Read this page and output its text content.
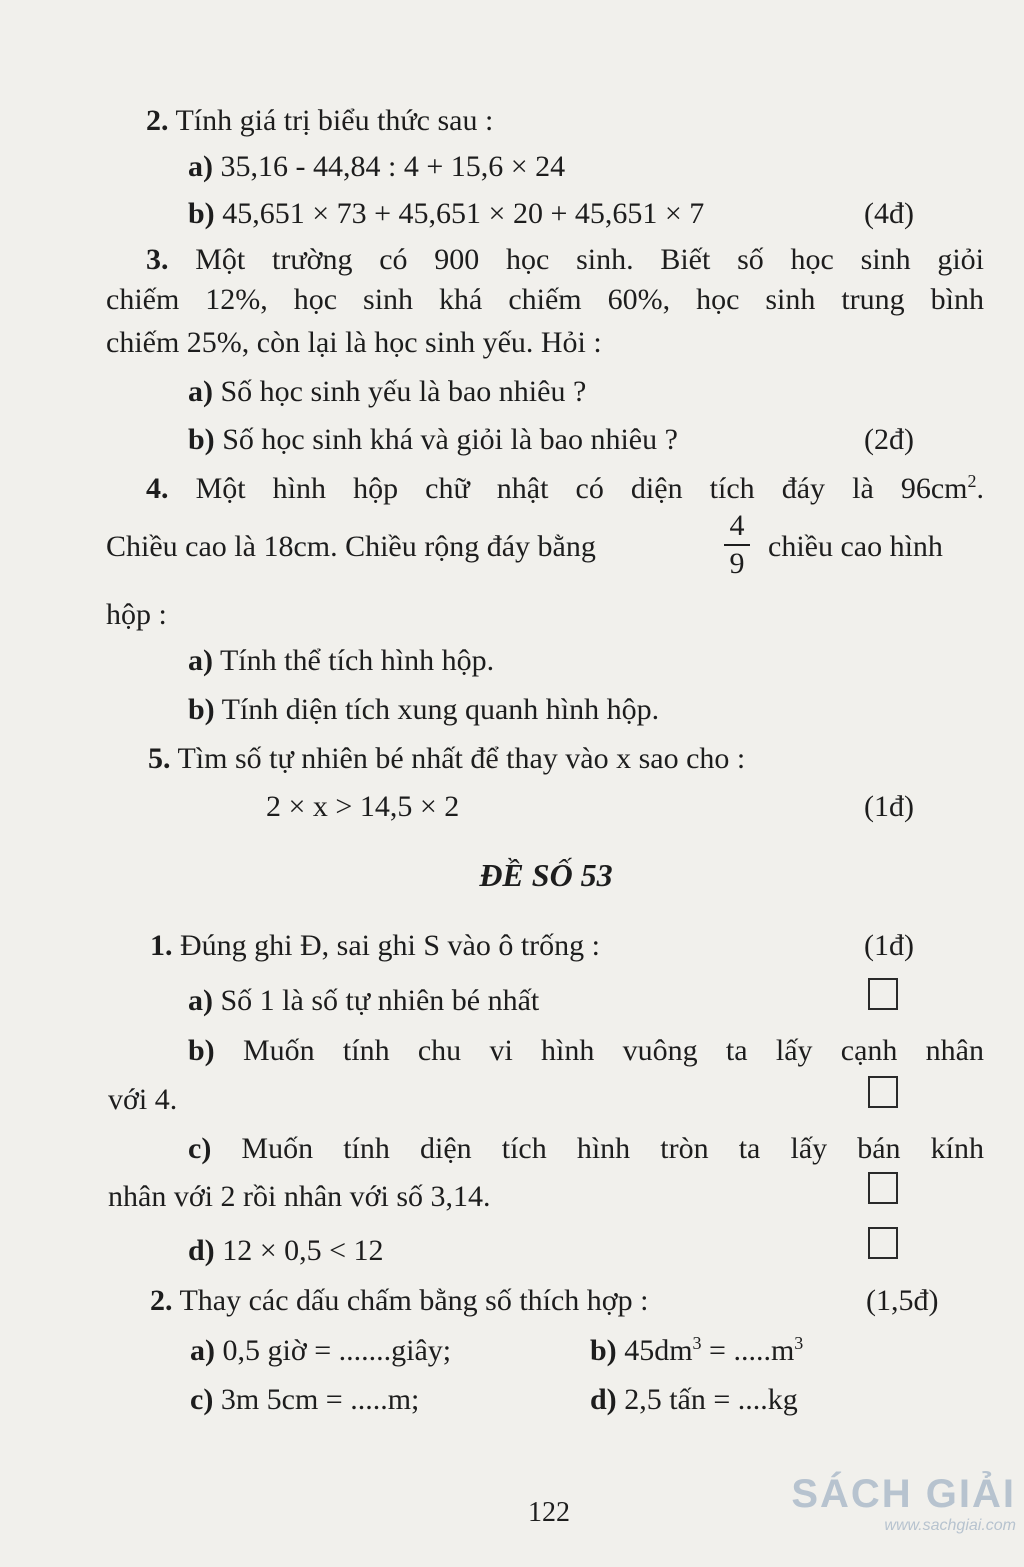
2. Tính giá trị biểu thức sau :
a) 35,16 - 44,84 : 4 + 15,6 × 24
b) 45,651 × 73 + 45,651 × 20 + 45,651 × 7	(4đ)
3. Một trường có 900 học sinh. Biết số học sinh giỏi
chiếm 12%, học sinh khá chiếm 60%, học sinh trung bình
chiếm 25%, còn lại là học sinh yếu. Hỏi :
a) Số học sinh yếu là bao nhiêu ?
b) Số học sinh khá và giỏi là bao nhiêu ?	(2đ)
4. Một hình hộp chữ nhật có diện tích đáy là $96cm^2$.
Chiều cao là 18cm. Chiều rộng đáy bằng
4
9
chiều cao hình
hộp :
a) Tính thể tích hình hộp.
b) Tính diện tích xung quanh hình hộp.
5. Tìm số tự nhiên bé nhất để thay vào x sao cho :
2 × x > 14,5 × 2	(1đ)
ĐỀ SỐ 53
1. Đúng ghi Đ, sai ghi S vào ô trống :	(1đ)
a) Số 1 là số tự nhiên bé nhất
b) Muốn tính chu vi hình vuông ta lấy cạnh nhân
với 4.
c) Muốn tính diện tích hình tròn ta lấy bán kính
nhân với 2 rồi nhân với số 3,14.
d) 12 × 0,5 < 12
2. Thay các dấu chấm bằng số thích hợp :	(1,5đ)
a) 0,5 giờ = .......giây;	b) $45dm^3 = .....m^3$
c) 3m 5cm = .....m;	d) 2,5 tấn = ....kg
122	SÁCH GIẢI
www.sachgiai.com
